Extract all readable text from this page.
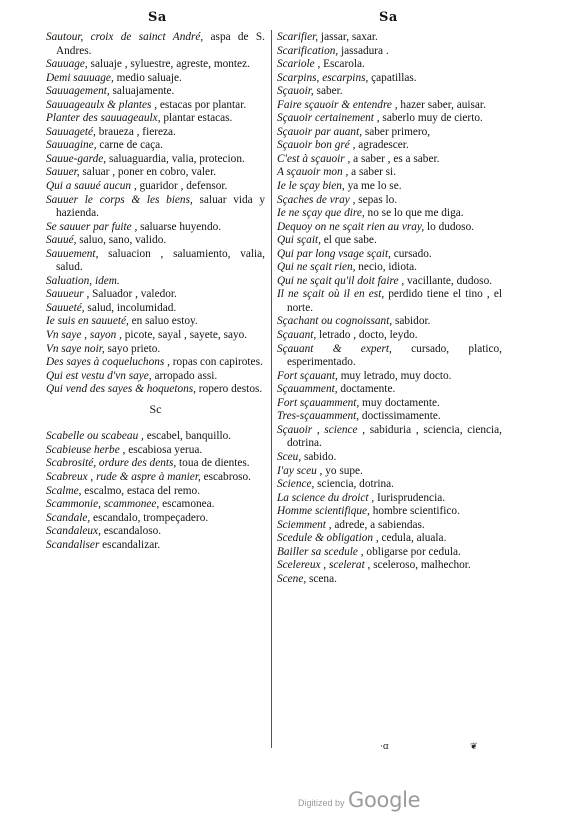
Sa	Sa

Sautour, croix de sainct André, aspa de S. Andres.

Sauuage, saluaje , syluestre, agreste, montez.

Demi sauuage, medio saluaje.

Sauuagement, saluajamente.

Sauuageaulx & plantes , estacas por plantar.

Planter des sauuageaulx, plantar estacas.

Sauuageté, braueza , fiereza.

Sauuagine, carne de caça.

Sauue-garde, saluaguardia, valia, protecion.

Sauuer, saluar , poner en cobro, valer.

Qui a sauué aucun , guaridor , defensor.

Sauuer le corps & les biens, saluar vida y hazienda.

Se sauuer par fuite , saluarse huyendo.

Sauué, saluo, sano, valido.

Sauuement, saluacion , saluamiento, valia, salud.

Saluation, idem.

Sauueur , Saluador , valedor.

Sauueté, salud, incolumidad.

Ie suis en sauueté, en saluo estoy.

Vn saye , sayon , picote, sayal , sayete, sayo.

Vn saye noir, sayo prieto.

Des sayes à coqueluchons , ropas con capirotes.

Qui est vestu d'vn saye, arropado assi.

Qui vend des sayes & hoquetons, ropero destos.

Sc

Scabelle ou scabeau , escabel, banquillo.

Scabieuse herbe , escabiosa yerua.

Scabrosité, ordure des dents, toua de dientes.

Scabreux , rude & aspre à manier, escabroso.

Scalme, escalmo, estaca del remo.

Scammonie, scammonee, escamonea.

Scandale, escandalo, trompeçadero.

Scandaleux, escandaloso.

Scandaliser escandalizar.

Scarifier, jassar, saxar.

Scarification, jassadura .

Scariole , Escarola.

Scarpins, escarpins, çapatillas.

Sçauoir, saber.

Faire sçauoir & entendre , hazer saber, auisar.

Sçauoir certainement , saberlo muy de cierto.

Sçauoir par auant, saber primero,

Sçauoir bon gré , agradescer.

C'est à sçauoir , a saber , es a saber.

A sçauoir mon , a saber si.

Ie le sçay bien, ya me lo se.

Sçaches de vray , sepas lo.

Ie ne sçay que dire, no se lo que me diga.

Dequoy on ne sçait rien au vray, lo dudoso.

Qui sçait, el que sabe.

Qui par long vsage sçait, cursado.

Qui ne sçait rien, necio, idiota.

Qui ne sçait qu'il doit faire , vacillante, dudoso.

Il ne sçait où il en est, perdido tiene el tino , el norte.

Sçachant ou cognoissant, sabidor.

Sçauant, letrado , docto, leydo.

Sçauant & expert, cursado, platico, esperimentado.

Fort sçauant, muy letrado, muy docto.

Sçauamment, doctamente.

Fort sçauamment, muy doctamente.

Tres-sçauamment, doctissimamente.

Sçauoir , science , sabiduria , sciencia, ciencia, dotrina.

Sceu, sabido.

I'ay sceu , yo supe.

Science, sciencia, dotrina.

La science du droict , Iurisprudencia.

Homme scientifique, hombre scientifico.

Sciemment , adrede, a sabiendas.

Scedule & obligation , cedula, aluala.

Bailler sa scedule , obligarse por cedula.

Scelereux , scelerat , sceleroso, malhechor.

Scene, scena.

·ɑ	❦
Digitized by Google
